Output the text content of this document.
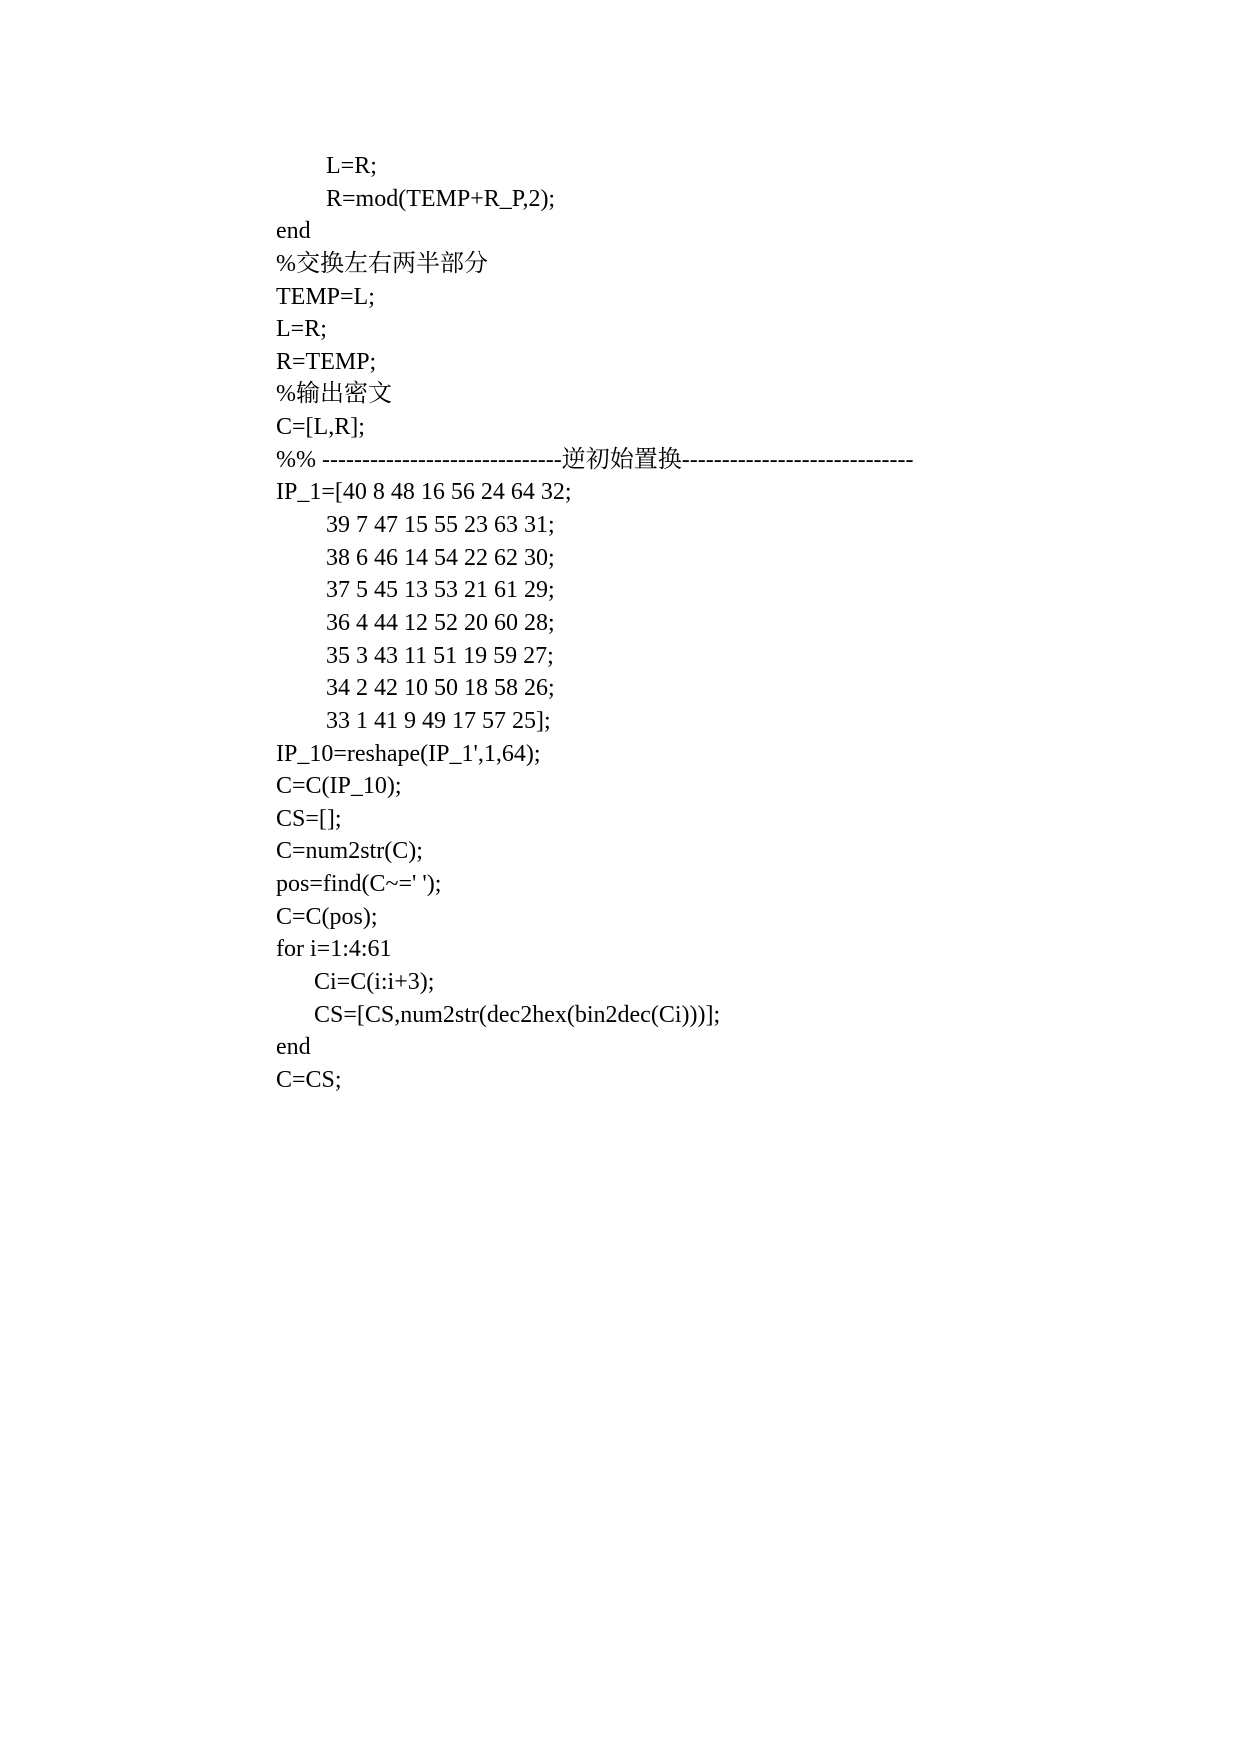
L=R;
R=mod(TEMP+R_P,2);
end
%交换左右两半部分
TEMP=L;
L=R;
R=TEMP;
%输出密文
C=[L,R];
%% ------------------------------逆初始置换-----------------------------
IP_1=[40 8 48 16 56 24 64 32;
39 7 47 15 55 23 63 31;
38 6 46 14 54 22 62 30;
37 5 45 13 53 21 61 29;
36 4 44 12 52 20 60 28;
35 3 43 11 51 19 59 27;
34 2 42 10 50 18 58 26;
33 1 41 9 49 17 57 25];
IP_10=reshape(IP_1',1,64);
C=C(IP_10);
CS=[];
C=num2str(C);
pos=find(C~=' ');
C=C(pos);
for i=1:4:61
Ci=C(i:i+3);
CS=[CS,num2str(dec2hex(bin2dec(Ci)))];
end
C=CS;
